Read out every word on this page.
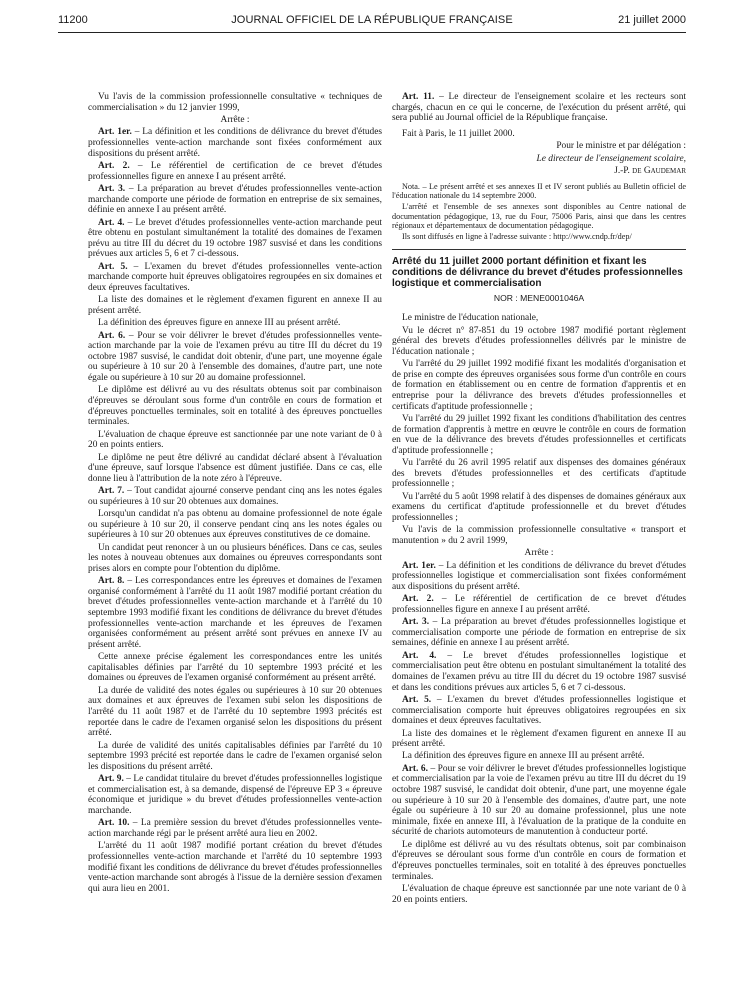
11200	JOURNAL OFFICIEL DE LA RÉPUBLIQUE FRANÇAISE	21 juillet 2000

Vu l'avis de la commission professionnelle consultative « techniques de commercialisation » du 12 janvier 1999,

Arrête :

Art. 1er. – La définition et les conditions de délivrance du brevet d'études professionnelles vente-action marchande sont fixées conformément aux dispositions du présent arrêté.

Art. 2. – Le référentiel de certification de ce brevet d'études professionnelles figure en annexe I au présent arrêté.

Art. 3. – La préparation au brevet d'études professionnelles vente-action marchande comporte une période de formation en entreprise de six semaines, définie en annexe I au présent arrêté.

Art. 4. – Le brevet d'études professionnelles vente-action marchande peut être obtenu en postulant simultanément la totalité des domaines de l'examen prévu au titre III du décret du 19 octobre 1987 susvisé et dans les conditions prévues aux articles 5, 6 et 7 ci-dessous.

Art. 5. – L'examen du brevet d'études professionnelles vente-action marchande comporte huit épreuves obligatoires regroupées en six domaines et deux épreuves facultatives.

La liste des domaines et le règlement d'examen figurent en annexe II au présent arrêté.

La définition des épreuves figure en annexe III au présent arrêté.

Art. 6. – Pour se voir délivrer le brevet d'études professionnelles vente-action marchande par la voie de l'examen prévu au titre III du décret du 19 octobre 1987 susvisé, le candidat doit obtenir, d'une part, une moyenne égale ou supérieure à 10 sur 20 à l'ensemble des domaines, d'autre part, une note égale ou supérieure à 10 sur 20 au domaine professionnel.

Le diplôme est délivré au vu des résultats obtenus soit par combinaison d'épreuves se déroulant sous forme d'un contrôle en cours de formation et d'épreuves ponctuelles terminales, soit en totalité à des épreuves ponctuelles terminales.

L'évaluation de chaque épreuve est sanctionnée par une note variant de 0 à 20 en points entiers.

Le diplôme ne peut être délivré au candidat déclaré absent à l'évaluation d'une épreuve, sauf lorsque l'absence est dûment justifiée. Dans ce cas, elle donne lieu à l'attribution de la note zéro à l'épreuve.

Art. 7. – Tout candidat ajourné conserve pendant cinq ans les notes égales ou supérieures à 10 sur 20 obtenues aux domaines.

Lorsqu'un candidat n'a pas obtenu au domaine professionnel de note égale ou supérieure à 10 sur 20, il conserve pendant cinq ans les notes égales ou supérieures à 10 sur 20 obtenues aux épreuves constitutives de ce domaine.

Un candidat peut renoncer à un ou plusieurs bénéfices. Dans ce cas, seules les notes à nouveau obtenues aux domaines ou épreuves correspondants sont prises alors en compte pour l'obtention du diplôme.

Art. 8. – Les correspondances entre les épreuves et domaines de l'examen organisé conformément à l'arrêté du 11 août 1987 modifié portant création du brevet d'études professionnelles vente-action marchande et à l'arrêté du 10 septembre 1993 modifié fixant les conditions de délivrance du brevet d'études professionnelles vente-action marchande et les épreuves de l'examen organisées conformément au présent arrêté sont prévues en annexe IV au présent arrêté.

Cette annexe précise également les correspondances entre les unités capitalisables définies par l'arrêté du 10 septembre 1993 précité et les domaines ou épreuves de l'examen organisé conformément au présent arrêté.

La durée de validité des notes égales ou supérieures à 10 sur 20 obtenues aux domaines et aux épreuves de l'examen subi selon les dispositions de l'arrêté du 11 août 1987 et de l'arrêté du 10 septembre 1993 précités est reportée dans le cadre de l'examen organisé selon les dispositions du présent arrêté.

La durée de validité des unités capitalisables définies par l'arrêté du 10 septembre 1993 précité est reportée dans le cadre de l'examen organisé selon les dispositions du présent arrêté.

Art. 9. – Le candidat titulaire du brevet d'études professionnelles logistique et commercialisation est, à sa demande, dispensé de l'épreuve EP 3 « épreuve économique et juridique » du brevet d'études professionnelles vente-action marchande.

Art. 10. – La première session du brevet d'études professionnelles vente-action marchande régi par le présent arrêté aura lieu en 2002.

L'arrêté du 11 août 1987 modifié portant création du brevet d'études professionnelles vente-action marchande et l'arrêté du 10 septembre 1993 modifié fixant les conditions de délivrance du brevet d'études professionnelles vente-action marchande sont abrogés à l'issue de la dernière session d'examen qui aura lieu en 2001.

Art. 11. – Le directeur de l'enseignement scolaire et les recteurs sont chargés, chacun en ce qui le concerne, de l'exécution du présent arrêté, qui sera publié au Journal officiel de la République française.

Fait à Paris, le 11 juillet 2000.

Pour le ministre et par délégation :

Le directeur de l'enseignement scolaire,

J.-P. de Gaudemar

Nota. – Le présent arrêté et ses annexes II et IV seront publiés au Bulletin officiel de l'éducation nationale du 14 septembre 2000.

L'arrêté et l'ensemble de ses annexes sont disponibles au Centre national de documentation pédagogique, 13, rue du Four, 75006 Paris, ainsi que dans les centres régionaux et départementaux de documentation pédagogique.

Ils sont diffusés en ligne à l'adresse suivante : http://www.cndp.fr/dep/

Arrêté du 11 juillet 2000 portant définition et fixant les conditions de délivrance du brevet d'études professionnelles logistique et commercialisation
NOR : MENE0001046A

Le ministre de l'éducation nationale,

Vu le décret n° 87-851 du 19 octobre 1987 modifié portant règlement général des brevets d'études professionnelles délivrés par le ministre de l'éducation nationale ;

Vu l'arrêté du 29 juillet 1992 modifié fixant les modalités d'organisation et de prise en compte des épreuves organisées sous forme d'un contrôle en cours de formation en établissement ou en centre de formation d'apprentis et en entreprise pour la délivrance des brevets d'études professionnelles et certificats d'aptitude professionnelle ;

Vu l'arrêté du 29 juillet 1992 fixant les conditions d'habilitation des centres de formation d'apprentis à mettre en œuvre le contrôle en cours de formation en vue de la délivrance des brevets d'études professionnelles et certificats d'aptitude professionnelle ;

Vu l'arrêté du 26 avril 1995 relatif aux dispenses des domaines généraux des brevets d'études professionnelles et des certificats d'aptitude professionnelle ;

Vu l'arrêté du 5 août 1998 relatif à des dispenses de domaines généraux aux examens du certificat d'aptitude professionnelle et du brevet d'études professionnelles ;

Vu l'avis de la commission professionnelle consultative « transport et manutention » du 2 avril 1999,

Arrête :

Art. 1er. – La définition et les conditions de délivrance du brevet d'études professionnelles logistique et commercialisation sont fixées conformément aux dispositions du présent arrêté.

Art. 2. – Le référentiel de certification de ce brevet d'études professionnelles figure en annexe I au présent arrêté.

Art. 3. – La préparation au brevet d'études professionnelles logistique et commercialisation comporte une période de formation en entreprise de six semaines, définie en annexe I au présent arrêté.

Art. 4. – Le brevet d'études professionnelles logistique et commercialisation peut être obtenu en postulant simultanément la totalité des domaines de l'examen prévu au titre III du décret du 19 octobre 1987 susvisé et dans les conditions prévues aux articles 5, 6 et 7 ci-dessous.

Art. 5. – L'examen du brevet d'études professionnelles logistique et commercialisation comporte huit épreuves obligatoires regroupées en six domaines et deux épreuves facultatives.

La liste des domaines et le règlement d'examen figurent en annexe II au présent arrêté.

La définition des épreuves figure en annexe III au présent arrêté.

Art. 6. – Pour se voir délivrer le brevet d'études professionnelles logistique et commercialisation par la voie de l'examen prévu au titre III du décret du 19 octobre 1987 susvisé, le candidat doit obtenir, d'une part, une moyenne égale ou supérieure à 10 sur 20 à l'ensemble des domaines, d'autre part, une note égale ou supérieure à 10 sur 20 au domaine professionnel, plus une note minimale, fixée en annexe III, à l'évaluation de la pratique de la conduite en sécurité de chariots automoteurs de manutention à conducteur porté.

Le diplôme est délivré au vu des résultats obtenus, soit par combinaison d'épreuves se déroulant sous forme d'un contrôle en cours de formation et d'épreuves ponctuelles terminales, soit en totalité à des épreuves ponctuelles terminales.

L'évaluation de chaque épreuve est sanctionnée par une note variant de 0 à 20 en points entiers.
